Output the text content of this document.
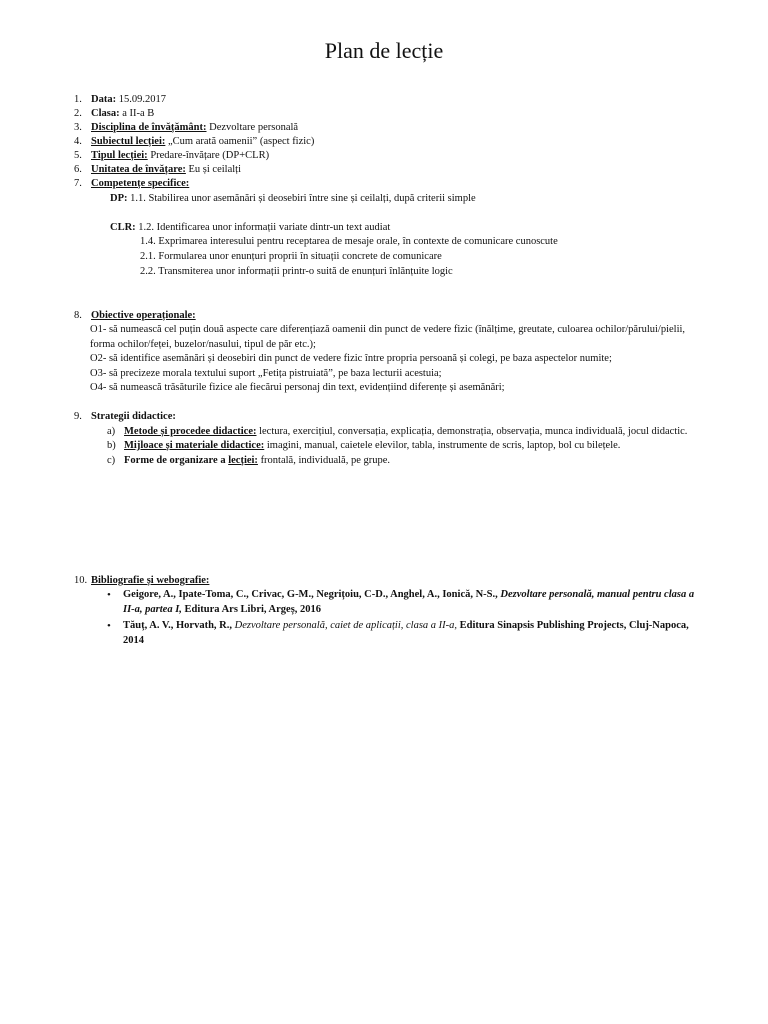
Plan de lecție
1. Data: 15.09.2017
2. Clasa: a II-a B
3. Disciplina de învățământ: Dezvoltare personală
4. Subiectul lecției: „Cum arată oamenii” (aspect fizic)
5. Tipul lecției: Predare-învățare (DP+CLR)
6. Unitatea de învățare: Eu și ceilalți
7. Competențe specifice:
DP: 1.1. Stabilirea unor asemănări și deosebiri între sine și ceilalți, după criterii simple
CLR: 1.2. Identificarea unor informații variate dintr-un text audiat
1.4. Exprimarea interesului pentru receptarea de mesaje orale, în contexte de comunicare cunoscute
2.1. Formularea unor enunțuri proprii în situații concrete de comunicare
2.2. Transmiterea unor informații printr-o suită de enunțuri înlănțuite logic
8. Obiective operaționale:
O1- să numească cel puțin două aspecte care diferențiază oamenii din punct de vedere fizic (înălțime, greutate, culoarea ochilor/părului/pielii,
forma ochilor/feței, buzelor/nasului, tipul de păr etc.);
O2- să identifice asemănări și deosebiri din punct de vedere fizic între propria persoană și colegi, pe baza aspectelor numite;
O3- să precizeze morala textului suport „Fetița pistruiată”, pe baza lecturii acestuia;
O4- să numească trăsăturile fizice ale fiecărui personaj din text, evidențiind diferențe și asemănări;
9. Strategii didactice:
a) Metode și procedee didactice: lectura, exercițiul, conversația, explicația, demonstrația, observația, munca individuală, jocul didactic.
b) Mijloace și materiale didactice: imagini, manual, caietele elevilor, tabla, instrumente de scris, laptop, bol cu bilețele.
c) Forme de organizare a lecției: frontală, individuală, pe grupe.
10. Bibliografie și webografie:
• Geigore, A., Ipate-Toma, C., Crivac, G-M., Negrițoiu, C-D., Anghel, A., Ionică, N-S., Dezvoltare personală, manual pentru clasa a
II-a, partea I, Editura Ars Libri, Argeș, 2016
• Tăuț, A. V., Horvath, R., Dezvoltare personală, caiet de aplicații, clasa a II-a, Editura Sinapsis Publishing Projects, Cluj-Napoca,
2014
